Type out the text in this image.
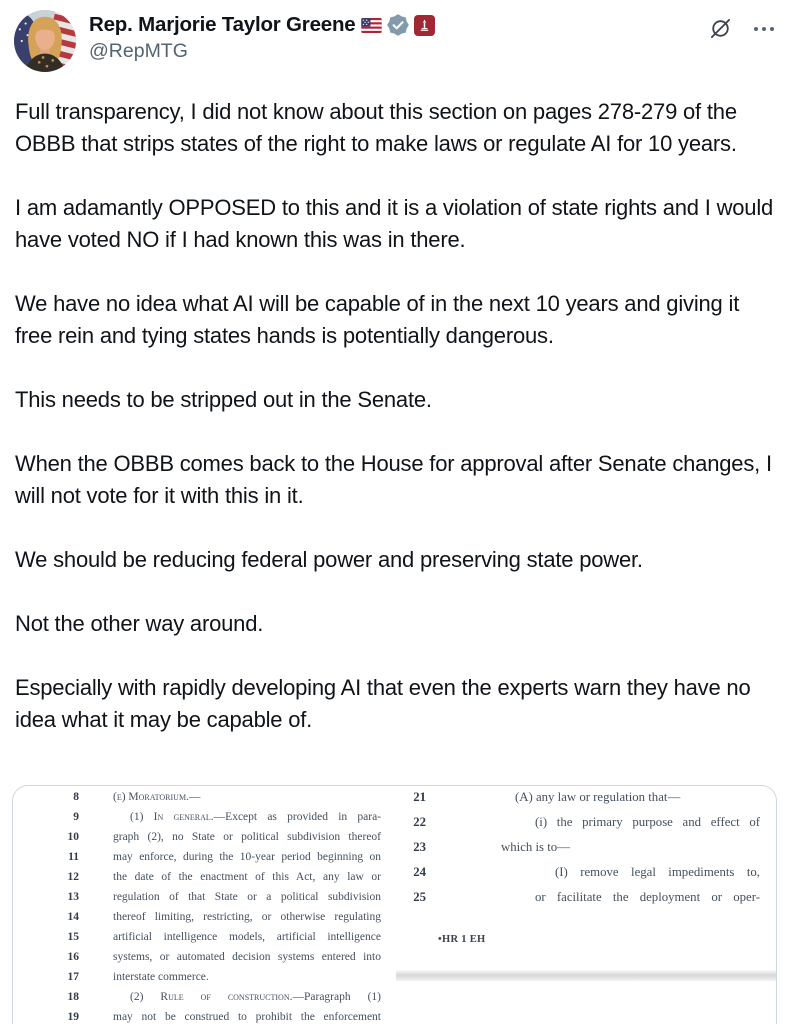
Rep. Marjorie Taylor Greene
@RepMTG

Full transparency, I did not know about this section on pages 278-279 of the OBBB that strips states of the right to make laws or regulate AI for 10 years.

I am adamantly OPPOSED to this and it is a violation of state rights and I would have voted NO if I had known this was in there.

We have no idea what AI will be capable of in the next 10 years and giving it free rein and tying states hands is potentially dangerous.

This needs to be stripped out in the Senate.

When the OBBB comes back to the House for approval after Senate changes, I will not vote for it with this in it.

We should be reducing federal power and preserving state power.

Not the other way around.

Especially with rapidly developing AI that even the experts warn they have no idea what it may be capable of.

8	(e) Moratorium.—
9	(1) In general.—Except as provided in para-
10	graph (2), no State or political subdivision thereof
11	may enforce, during the 10-year period beginning on
12	the date of the enactment of this Act, any law or
13	regulation of that State or a political subdivision
14	thereof limiting, restricting, or otherwise regulating
15	artificial intelligence models, artificial intelligence
16	systems, or automated decision systems entered into
17	interstate commerce.
18	(2) Rule of construction.—Paragraph (1)
19	may not be construed to prohibit the enforcement
21	(A) any law or regulation that—
22	(i) the primary purpose and effect of
23	which is to—
24	(I) remove legal impediments to,
25	or facilitate the deployment or oper-
•HR 1 EH
